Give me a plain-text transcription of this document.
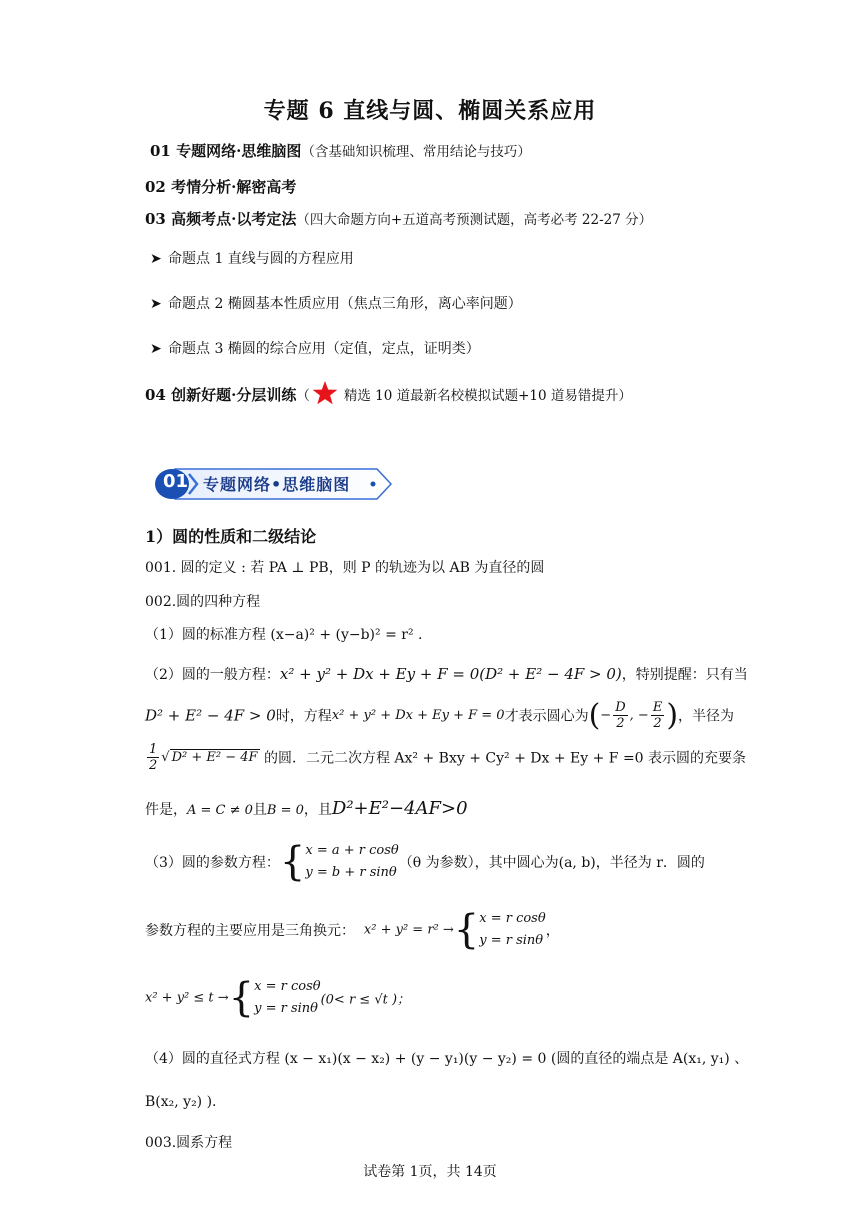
专题 6 直线与圆、椭圆关系应用
01 专题网络·思维脑图（含基础知识梳理、常用结论与技巧）
02 考情分析·解密高考
03 高频考点·以考定法（四大命题方向+五道高考预测试题，高考必考 22-27 分）
➤ 命题点 1 直线与圆的方程应用
➤ 命题点 2 椭圆基本性质应用（焦点三角形，离心率问题）
➤ 命题点 3 椭圆的综合应用（定值，定点，证明类）
04 创新好题·分层训练（	精选 10 道最新名校模拟试题+10 道易错提升）
01 专题网络•思维脑图
1）圆的性质和二级结论
001. 圆的定义 : 若 PA ⊥ PB，则 P 的轨迹为以 AB 为直径的圆
002.圆的四种方程
（1）圆的标准方程 (x−a)² + (y−b)² = r² .
（2）圆的一般方程：x² + y² + Dx + Ey + F = 0(D² + E² − 4F > 0)，特别提醒：只有当
D² + E² − 4F > 0时，方程x² + y² + Dx + Ey + F = 0才表示圆心为(− $\frac{D}{2}$ , − $\frac{E}{2}$ )，半径为
$\frac{1}{2}$ √ D² + E² − 4F 的圆．二元二次方程 Ax² + Bxy + Cy² + Dx + Ey + F =0 表示圆的充要条
件是，A = C ≠ 0且B = 0，且D²+E²−4AF>0
（3）圆的参数方程：{ x = a + r cosθ
y = b + r sinθ
（θ 为参数），其中圆心为(a, b)，半径为 r．圆的
参数方程的主要应用是三角换元： x² + y² = r² →{ x = r cosθ
y = r sinθ
，
x² + y² ≤ t →{ x = r cosθ
y = r sinθ
(0< r ≤ √t )；
（4）圆的直径式方程 (x − x₁)(x − x₂) + (y − y₁)(y − y₂) = 0 (圆的直径的端点是 A(x₁, y₁) 、
B(x₂, y₂) ).
003.圆系方程
试卷第 1页，共 14页
